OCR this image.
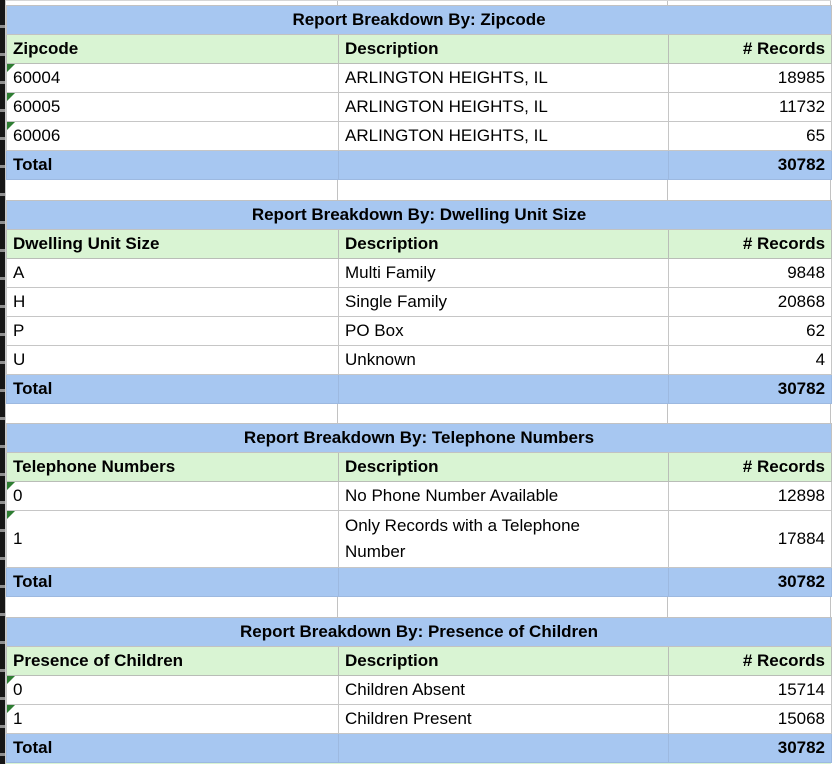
Report Breakdown By: Zipcode		
Zipcode	Description	# Records

60004	ARLINGTON HEIGHTS, IL	18985

60005	ARLINGTON HEIGHTS, IL	11732

60006	ARLINGTON HEIGHTS, IL	65
Total		30782
Report Breakdown By: Dwelling Unit Size		
Dwelling Unit Size	Description	# Records
A	Multi Family	9848
H	Single Family	20868
P	PO Box	62
U	Unknown	4
Total		30782
Report Breakdown By: Telephone Numbers		
Telephone Numbers	Description	# Records

0	No Phone Number Available	12898

1	Only Records with a Telephone Number	17884
Total		30782
Report Breakdown By: Presence of Children		
Presence of Children	Description	# Records

0	Children Absent	15714

1	Children Present	15068
Total		30782
